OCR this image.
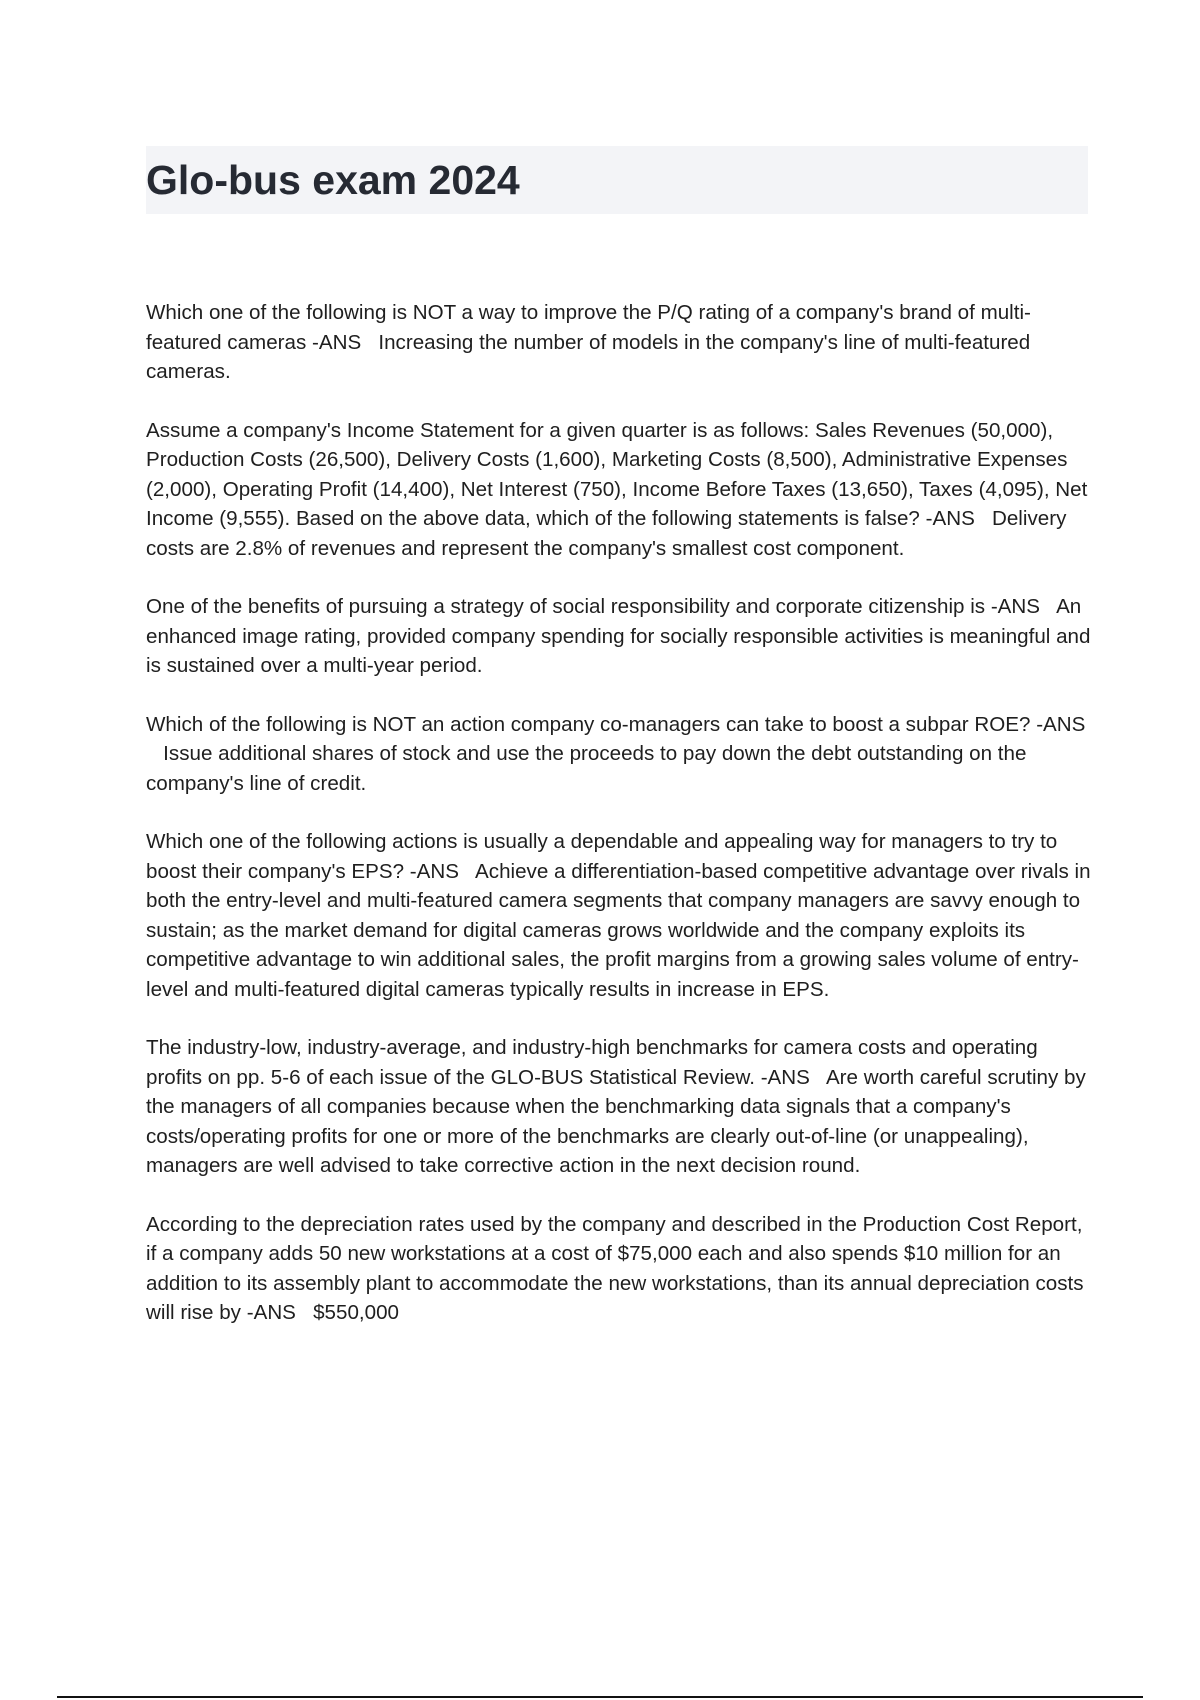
Glo-bus exam 2024

Which one of the following is NOT a way to improve the P/Q rating of a company's brand of multi-featured cameras -ANS Increasing the number of models in the company's line of multi-featured cameras.

Assume a company's Income Statement for a given quarter is as follows: Sales Revenues (50,000), Production Costs (26,500), Delivery Costs (1,600), Marketing Costs (8,500), Administrative Expenses (2,000), Operating Profit (14,400), Net Interest (750), Income Before Taxes (13,650), Taxes (4,095), Net Income (9,555). Based on the above data, which of the following statements is false? -ANS Delivery costs are 2.8% of revenues and represent the company's smallest cost component.

One of the benefits of pursuing a strategy of social responsibility and corporate citizenship is -ANS An enhanced image rating, provided company spending for socially responsible activities is meaningful and is sustained over a multi-year period.

Which of the following is NOT an action company co-managers can take to boost a subpar ROE? -ANS   Issue additional shares of stock and use the proceeds to pay down the debt outstanding on the company's line of credit.

Which one of the following actions is usually a dependable and appealing way for managers to try to boost their company's EPS? -ANS Achieve a differentiation-based competitive advantage over rivals in both the entry-level and multi-featured camera segments that company managers are savvy enough to sustain; as the market demand for digital cameras grows worldwide and the company exploits its competitive advantage to win additional sales, the profit margins from a growing sales volume of entry-level and multi-featured digital cameras typically results in increase in EPS.

The industry-low, industry-average, and industry-high benchmarks for camera costs and operating profits on pp. 5-6 of each issue of the GLO-BUS Statistical Review. -ANS Are worth careful scrutiny by the managers of all companies because when the benchmarking data signals that a company's costs/operating profits for one or more of the benchmarks are clearly out-of-line (or unappealing), managers are well advised to take corrective action in the next decision round.

According to the depreciation rates used by the company and described in the Production Cost Report, if a company adds 50 new workstations at a cost of $75,000 each and also spends $10 million for an addition to its assembly plant to accommodate the new workstations, than its annual depreciation costs will rise by -ANS $550,000
